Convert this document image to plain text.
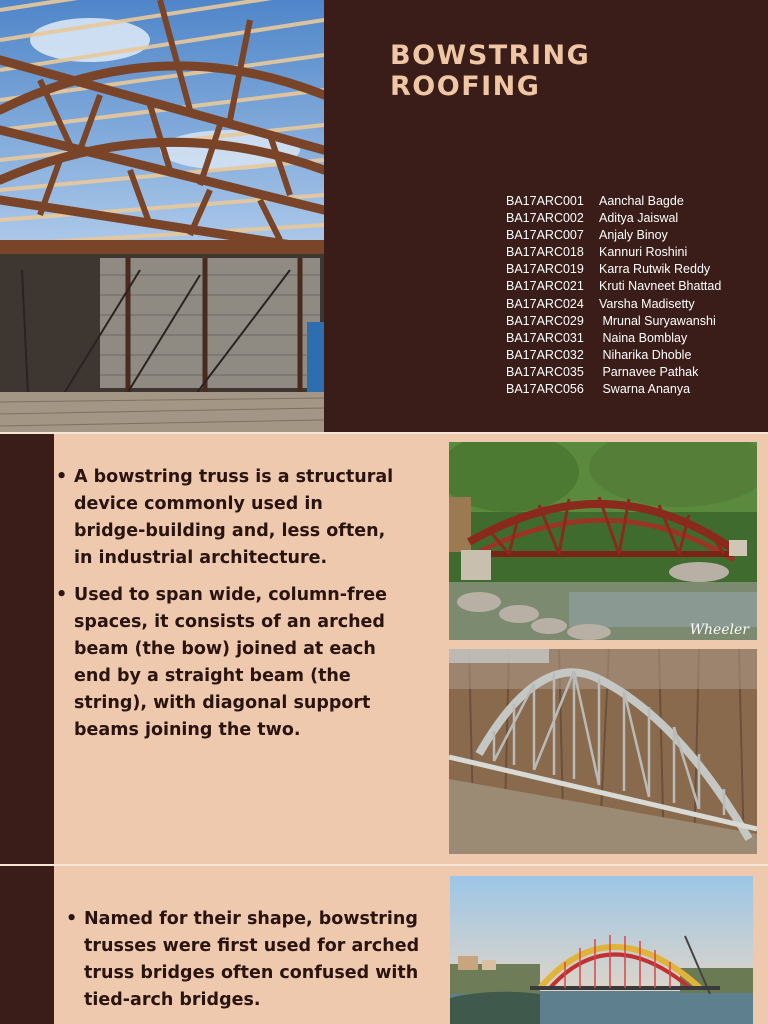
BOWSTRING ROOFING
BA17ARC001 Aanchal Bagde
BA17ARC002 Aditya Jaiswal
BA17ARC007 Anjaly Binoy
BA17ARC018 Kannuri Roshini
BA17ARC019 Karra Rutwik Reddy
BA17ARC021 Kruti Navneet Bhattad
BA17ARC024 Varsha Madisetty
BA17ARC029 Mrunal Suryawanshi
BA17ARC031 Naina Bomblay
BA17ARC032 Niharika Dhoble
BA17ARC035 Parnavee Pathak
BA17ARC056 Swarna Ananya
• A bowstring truss is a structural device commonly used in bridge-building and, less often, in industrial architecture.
• Used to span wide, column-free spaces, it consists of an arched beam (the bow) joined at each end by a straight beam (the string), with diagonal support beams joining the two.
Wheeler
• Named for their shape, bowstring trusses were first used for arched truss bridges often confused with tied-arch bridges.
